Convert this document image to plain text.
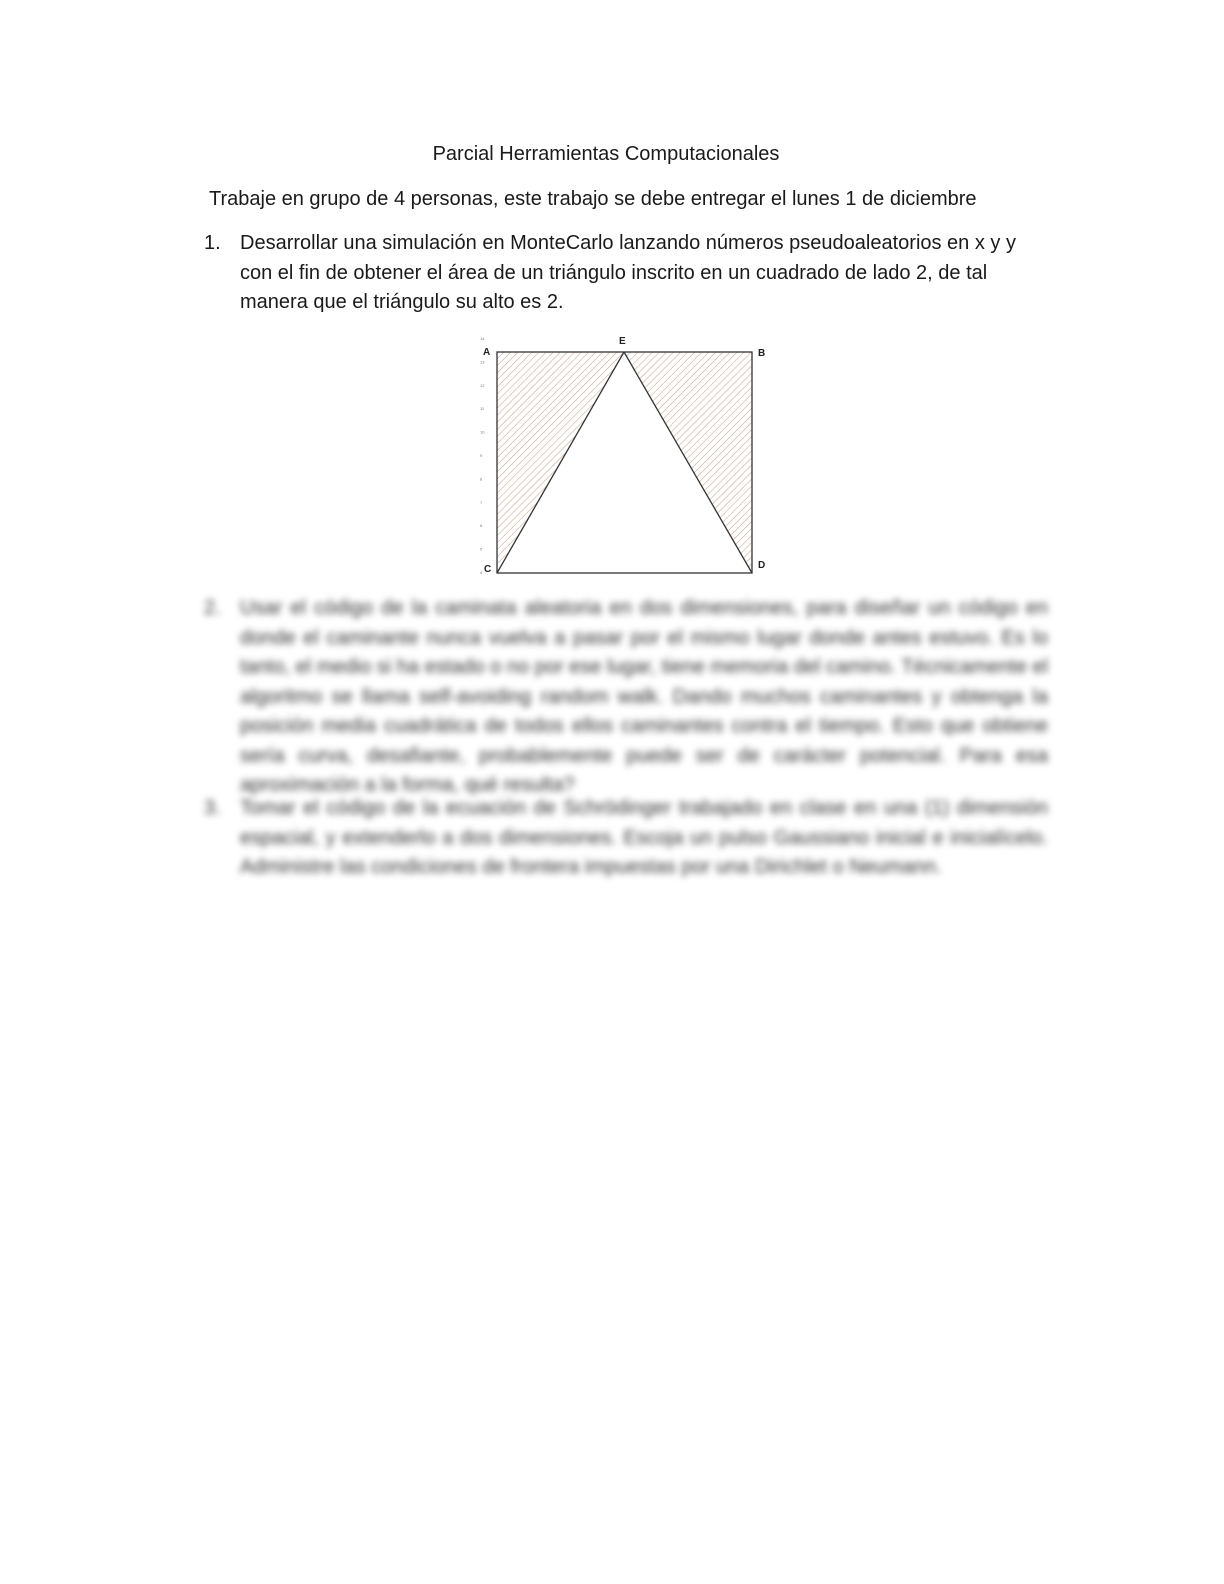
Parcial Herramientas Computacionales
Trabaje en grupo de 4 personas, este trabajo se debe entregar el lunes 1 de diciembre
1. Desarrollar una simulación en MonteCarlo lanzando números pseudoaleatorios en x y y con el fin de obtener el área de un triángulo inscrito en un cuadrado de lado 2, de tal manera que el triángulo su alto es 2.
14
13
12
11
10
9
8
7
6
5
4
A
E
B
C	D
2. Usar el código de la caminata aleatoria en dos dimensiones, para diseñar un código en donde el caminante nunca vuelva a pasar por el mismo lugar donde antes estuvo. Es lo tanto, el medio si ha estado o no por ese lugar, tiene memoria del camino. Técnicamente el algoritmo se llama self-avoiding random walk. Dando muchos caminantes y obtenga la posición media cuadrática de todos ellos caminantes contra el tiempo. Esto que obtiene sería curva, desafiante, probablemente puede ser de carácter potencial. Para esa aproximación a la forma, qué resulta?
3. Tomar el código de la ecuación de Schrödinger trabajado en clase en una (1) dimensión espacial, y extenderlo a dos dimensiones. Escoja un pulso Gaussiano inicial e inicialícelo. Administre las condiciones de frontera impuestas por una Dirichlet o Neumann.
